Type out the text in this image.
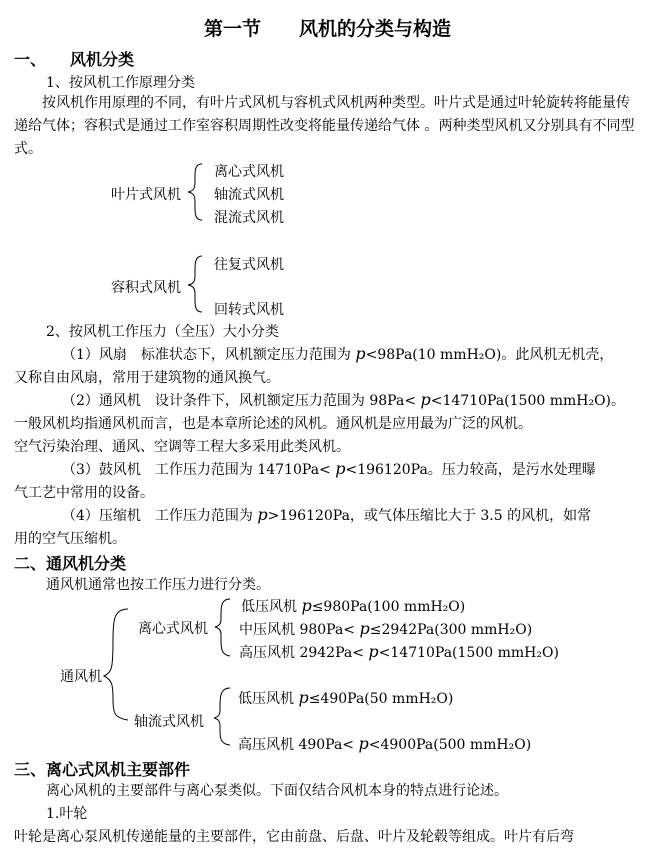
第一节　　风机的分类与构造
一、　　风机分类
1、按风机工作原理分类
　　按风机作用原理的不同，有叶片式风机与容机式风机两种类型。叶片式是通过叶轮旋转将能量传递给气体；容积式是通过工作室容积周期性改变将能量传递给气体 。两种类型风机又分别具有不同型式。
叶片式风机
离心式风机
轴流式风机
混流式风机
容积式风机
往复式风机
回转式风机
2、按风机工作压力（全压）大小分类
（1）风扇　标准状态下，风机额定压力范围为 p<98Pa(10 mmH₂O)。此风机无机壳，
又称自由风扇，常用于建筑物的通风换气。
（2）通风机　设计条件下，风机额定压力范围为 98Pa< p<14710Pa(1500 mmH₂O)。
一般风机均指通风机而言，也是本章所论述的风机。通风机是应用最为广泛的风机。
空气污染治理、通风、空调等工程大多采用此类风机。
（3）鼓风机　工作压力范围为 14710Pa< p<196120Pa。压力较高，是污水处理曝
气工艺中常用的设备。
（4）压缩机　工作压力范围为 p>196120Pa，或气体压缩比大于 3.5 的风机，如常
用的空气压缩机。
二、通风机分类
通风机通常也按工作压力进行分类。
通风机
离心式风机
轴流式风机
低压风机 p≤980Pa(100 mmH₂O)
中压风机 980Pa< p≤2942Pa(300 mmH₂O)
高压风机 2942Pa< p<14710Pa(1500 mmH₂O)
低压风机 p≤490Pa(50 mmH₂O)
高压风机 490Pa< p<4900Pa(500 mmH₂O)
三、离心式风机主要部件
离心风机的主要部件与离心泵类似。下面仅结合风机本身的特点进行论述。
1.叶轮
叶轮是离心泵风机传递能量的主要部件，它由前盘、后盘、叶片及轮毂等组成。叶片有后弯
